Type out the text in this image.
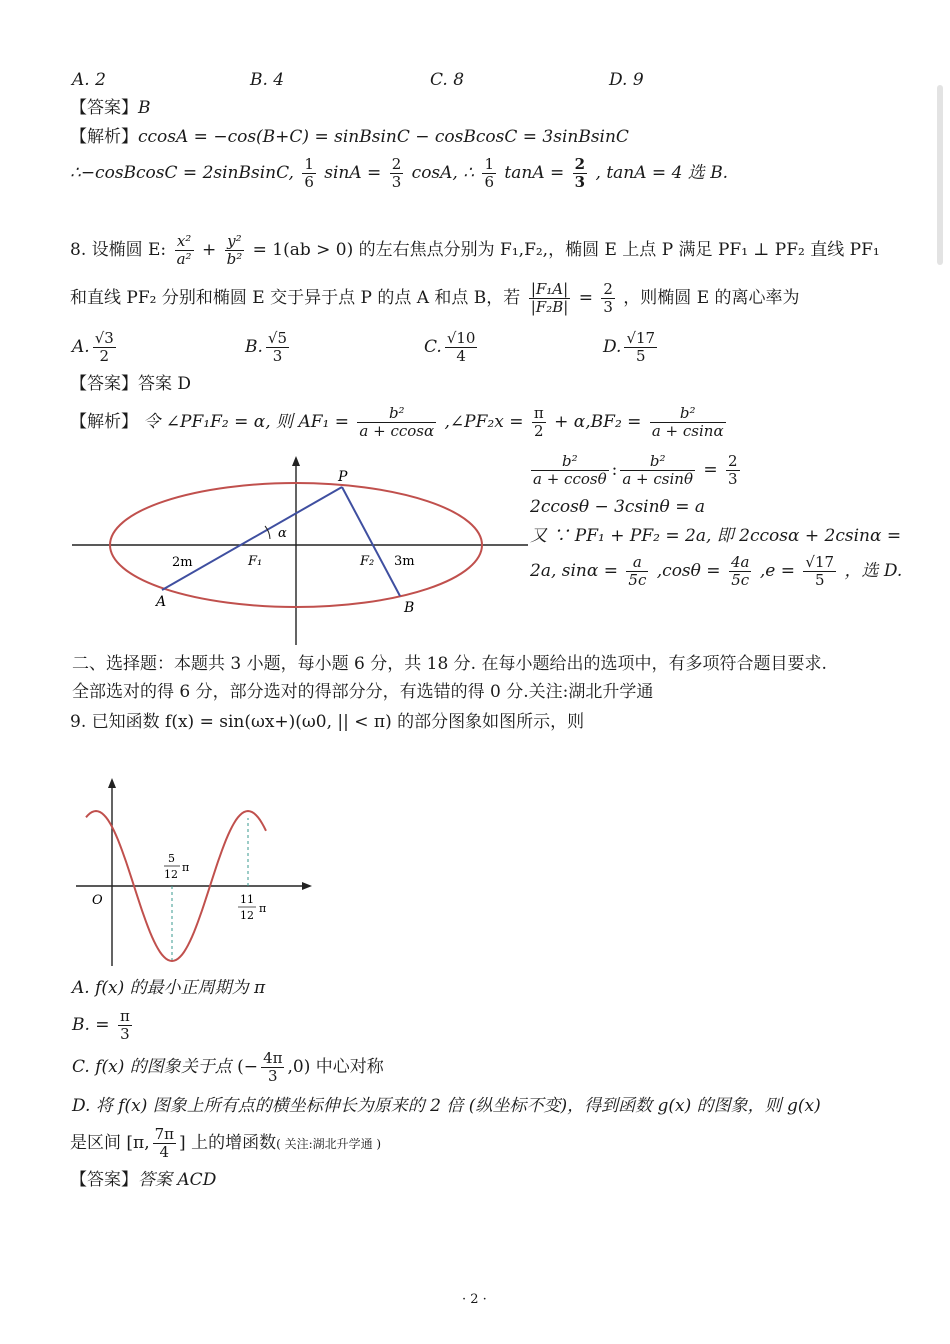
A. 2	B. 4	C. 8	D. 9
【答案】B
【解析】ccosA = −cos(B+C) = sinBsinC − cosBcosC = 3sinBsinC
∴−cosBcosC = 2sinBsinC, $\frac{1}{6}$ $\sin A = \frac{2}{3} \cos A$, ∴ $\frac{1}{6}$ $\tan A = \frac{2}{3}$ , tanA = 4 选 B.
8. 设椭圆 E: $\frac{\text{x²}}{\text{a²}} + \frac{\text{y²}}{\text{b²}} = 1(ab > 0)$ 的左右焦点分别为 F₁,F₂,，椭圆 E 上点 P 满足 PF₁ ⊥ PF₂ 直线 PF₁
和直线 PF₂ 分别和椭圆 E 交于异于点 P 的点 A 和点 B，若 $\frac{\text{|F₁A|}}{\text{|F₂B|}} = \frac{2}{3}$ ，则椭圆 E 的离心率为
A. $\frac{√3}{2}$	B. $\frac{√5}{3}$	C. $\frac{√10}{4}$	D. $\frac{√17}{5}$
【答案】答案 D
【解析】 令 ∠PF₁F₂ = α, 则 $AF_1 = \frac{\text{b²}}{a + ccos\alpha}$ ,∠PF₂x = $\frac{\pi}{2} + \alpha,BF_2 = \frac{\text{b²}}{a + csin\alpha}$
P
A	B
F₁	F₂
α
2m	3m
$\frac{\text{b²}}{a + ccos\theta}$ : $\frac{\text{b²}}{a + csin\theta} = \frac{2}{3}$
2ccosθ − 3csinθ = a
又 ∵ PF₁ + PF₂ = 2a, 即 2ccosα + 2csinα =
2a, $\sin\alpha = \frac{a}{5c} ,\cos\theta = \frac{4a}{5c} ,e = \frac{√17}{5}$ ，选 D.
二、选择题：本题共 3 小题，每小题 6 分，共 18 分. 在每小题给出的选项中，有多项符合题目要求.
全部选对的得 6 分，部分选对的得部分分，有选错的得 0 分.关注:湖北升学通
9. 已知函数 f(x) = sin(ωx+)(ω0, || < π) 的部分图象如图所示，则
O
5
12
π
11
12
π
A. f(x) 的最小正周期为 π
B. = $\frac{\pi}{3}$
C. f(x) 的图象关于点 (− $\frac{4\pi}{3} ,0$) 中心对称
D. 将 f(x) 图象上所有点的横坐标伸长为原来的 2 倍 (纵坐标不变)，得到函数 g(x) 的图象，则 g(x)
是区间 [π, $\frac{7\pi}{4}$ ] 上的增函数( 关注:湖北升学通 )
【答案】答案 ACD
· 2 ·
